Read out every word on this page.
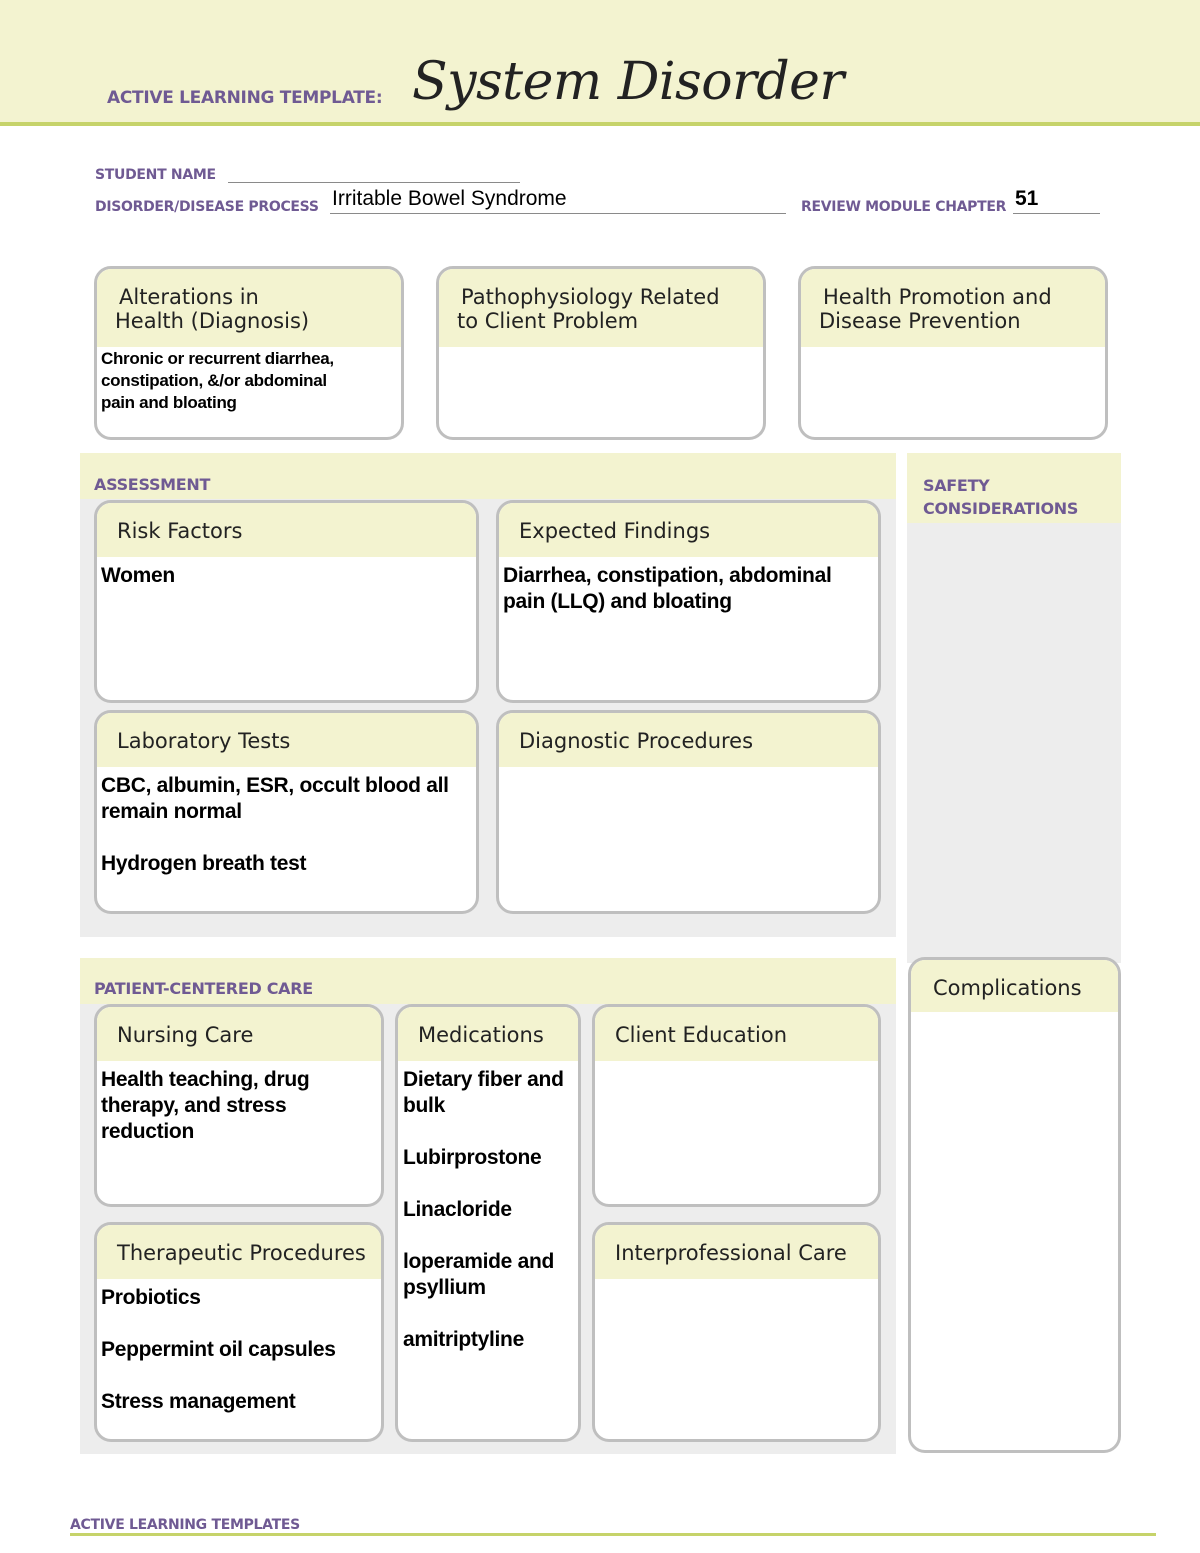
ACTIVE LEARNING TEMPLATE: System Disorder
STUDENT NAME
DISORDER/DISEASE PROCESS Irritable Bowel Syndrome	REVIEW MODULE CHAPTER 51
Alterations in
Health (Diagnosis)
Chronic or recurrent diarrhea,
constipation, &/or abdominal
pain and bloating
Pathophysiology Related
to Client Problem
Health Promotion and
Disease Prevention
ASSESSMENT
Risk Factors
Women
Expected Findings
Diarrhea, constipation, abdominal pain (LLQ) and bloating
Laboratory Tests
CBC, albumin, ESR, occult blood all remain normal
Hydrogen breath test
Diagnostic Procedures
SAFETY
CONSIDERATIONS
PATIENT-CENTERED CARE
Nursing Care
Health teaching, drug therapy, and stress reduction
Medications
Dietary fiber and bulk
Lubirprostone
Linacloride
loperamide and psyllium
amitriptyline
Client Education
Therapeutic Procedures
Probiotics
Peppermint oil capsules
Stress management
Interprofessional Care
Complications
ACTIVE LEARNING TEMPLATES
